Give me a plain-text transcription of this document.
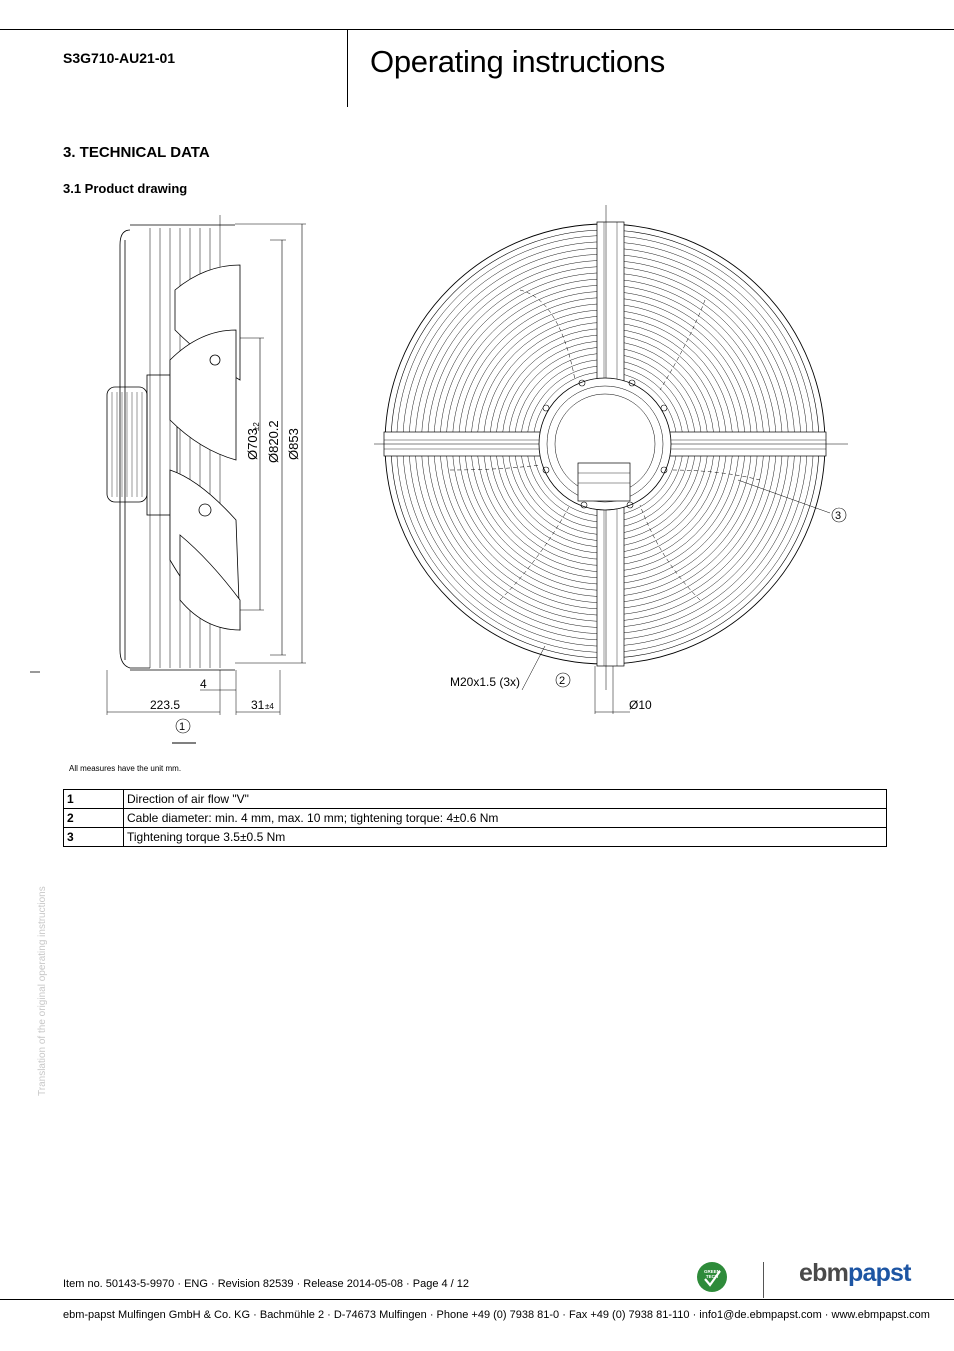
S3G710-AU21-01	Operating instructions
3. TECHNICAL DATA
3.1 Product drawing
Ø703
±2 Ø820.2 Ø853
4
223.5	31 ±4
1
M20x1.5 (3x)	2
Ø10
3
All measures have the unit mm.
1	Direction of air flow "V"
2	Cable diameter: min. 4 mm, max. 10 mm; tightening torque: 4±0.6 Nm
3	Tightening torque 3.5±0.5 Nm
Translation of the original operating instructions
Item no. 50143-5-9970 · ENG · Revision 82539 · Release 2014-05-08 · Page 4 / 12
GREEN
TECH	ebmpapst
ebm-papst Mulfingen GmbH & Co. KG · Bachmühle 2 · D-74673 Mulfingen · Phone +49 (0) 7938 81-0 · Fax +49 (0) 7938 81-110 · info1@de.ebmpapst.com · www.ebmpapst.com
